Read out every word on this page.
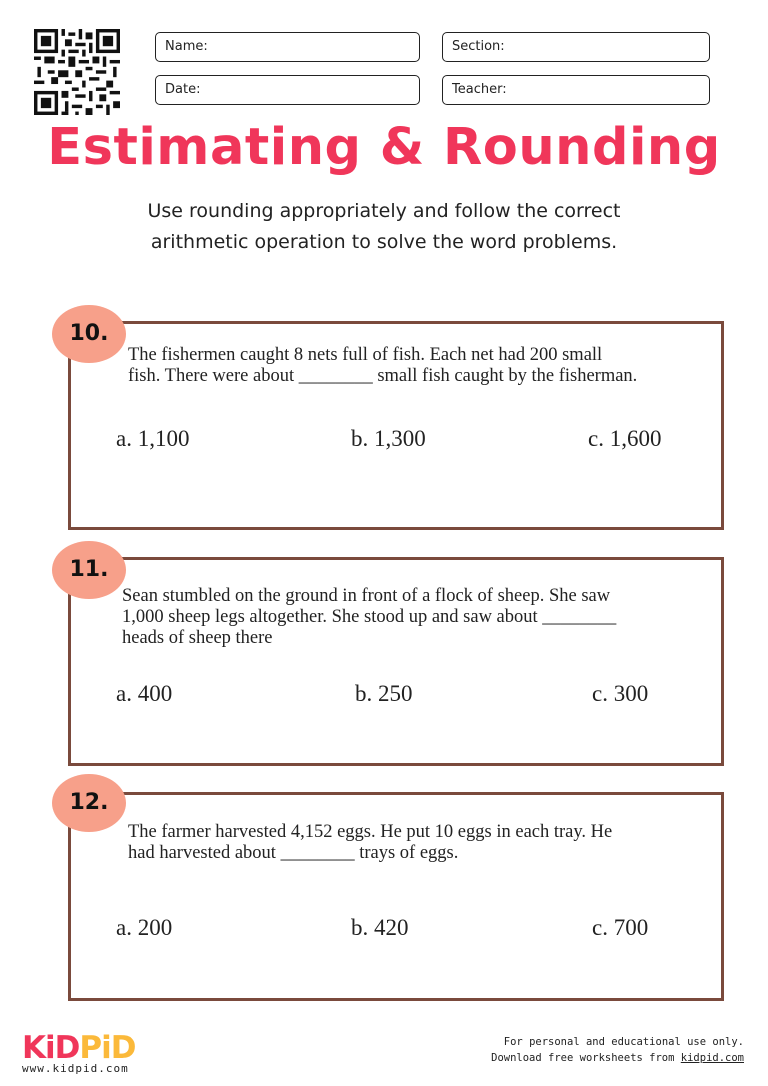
Name:	Section:
Date:	Teacher:
Estimating & Rounding
Use rounding appropriately and follow the correct
arithmetic operation to solve the word problems.
10.
The fishermen caught 8 nets full of fish. Each net had 200 small
fish. There were about ________ small fish caught by the fisherman.
a. 1,100	b. 1,300	c. 1,600
11.
Sean stumbled on the ground in front of a flock of sheep. She saw
1,000 sheep legs altogether. She stood up and saw about ________
heads of sheep there
a. 400	b. 250	c. 300
12.
The farmer harvested 4,152 eggs. He put 10 eggs in each tray. He
had harvested about ________ trays of eggs.
a. 200	b. 420	c. 700
KiDPiD
www.kidpid.com
For personal and educational use only.
Download free worksheets from kidpid.com
